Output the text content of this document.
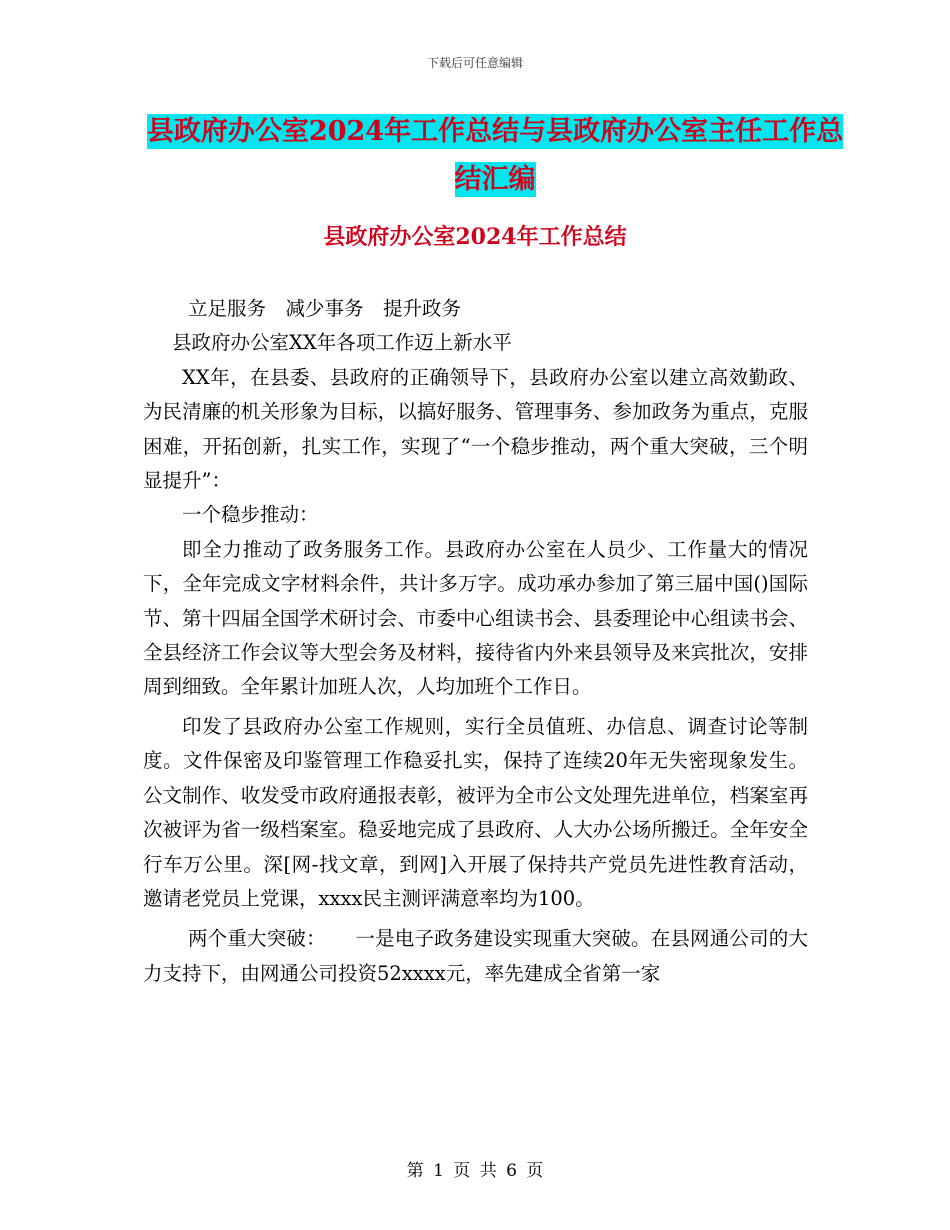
下载后可任意编辑
县政府办公室2024年工作总结与县政府办公室主任工作总结汇编
县政府办公室2024年工作总结

立足服务　减少事务　提升政务

县政府办公室XX年各项工作迈上新水平

XX年，在县委、县政府的正确领导下，县政府办公室以建立高效勤政、为民清廉的机关形象为目标，以搞好服务、管理事务、参加政务为重点，克服困难，开拓创新，扎实工作，实现了“一个稳步推动，两个重大突破，三个明显提升”：

一个稳步推动：

即全力推动了政务服务工作。县政府办公室在人员少、工作量大的情况下，全年完成文字材料余件，共计多万字。成功承办参加了第三届中国()国际节、第十四届全国学术研讨会、市委中心组读书会、县委理论中心组读书会、全县经济工作会议等大型会务及材料，接待省内外来县领导及来宾批次，安排周到细致。全年累计加班人次，人均加班个工作日。

印发了县政府办公室工作规则，实行全员值班、办信息、调查讨论等制度。文件保密及印鉴管理工作稳妥扎实，保持了连续20年无失密现象发生。公文制作、收发受市政府通报表彰，被评为全市公文处理先进单位，档案室再次被评为省一级档案室。稳妥地完成了县政府、人大办公场所搬迁。全年安全行车万公里。深[网-找文章，到网]入开展了保持共产党员先进性教育活动，邀请老党员上党课，xxxx民主测评满意率均为100。

两个重大突破：　　一是电子政务建设实现重大突破。在县网通公司的大力支持下，由网通公司投资52xxxx元，率先建成全省第一家

第 1 页 共 6 页
